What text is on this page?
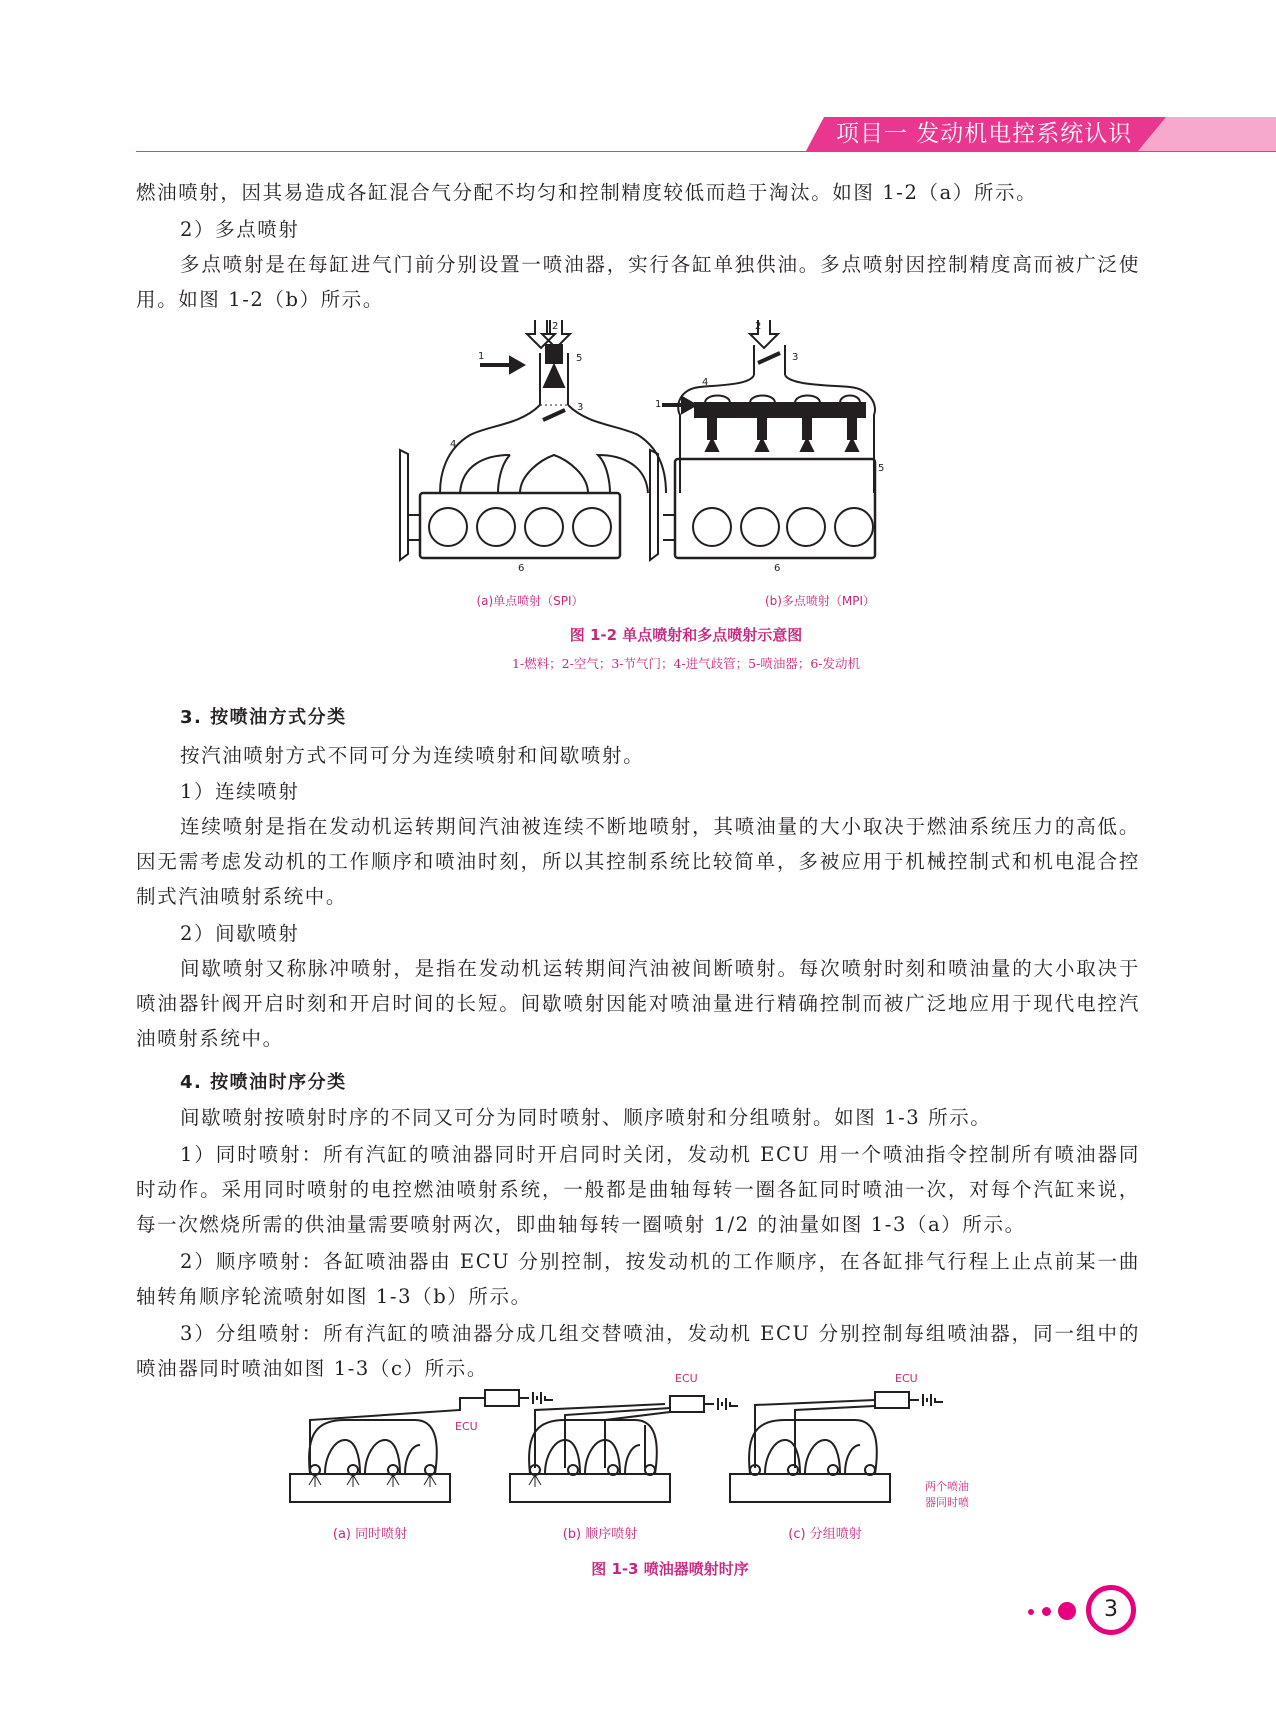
项目一 发动机电控系统认识
燃油喷射，因其易造成各缸混合气分配不均匀和控制精度较低而趋于淘汰。如图 1-2（a）所示。
2）多点喷射
多点喷射是在每缸进气门前分别设置一喷油器，实行各缸单独供油。多点喷射因控制精度高而被广泛使用。如图 1-2（b）所示。
1
2
3
4
5
6
1
2
3
4
5
6
(a)单点喷射（SPI）	(b)多点喷射（MPI）
图 1-2 单点喷射和多点喷射示意图
1-燃料；2-空气；3-节气门；4-进气歧管；5-喷油器；6-发动机
3. 按喷油方式分类
按汽油喷射方式不同可分为连续喷射和间歇喷射。
1）连续喷射
连续喷射是指在发动机运转期间汽油被连续不断地喷射，其喷油量的大小取决于燃油系统压力的高低。因无需考虑发动机的工作顺序和喷油时刻，所以其控制系统比较简单，多被应用于机械控制式和机电混合控制式汽油喷射系统中。
2）间歇喷射
间歇喷射又称脉冲喷射，是指在发动机运转期间汽油被间断喷射。每次喷射时刻和喷油量的大小取决于喷油器针阀开启时刻和开启时间的长短。间歇喷射因能对喷油量进行精确控制而被广泛地应用于现代电控汽油喷射系统中。
4. 按喷油时序分类
间歇喷射按喷射时序的不同又可分为同时喷射、顺序喷射和分组喷射。如图 1-3 所示。
1）同时喷射：所有汽缸的喷油器同时开启同时关闭，发动机 ECU 用一个喷油指令控制所有喷油器同时动作。采用同时喷射的电控燃油喷射系统，一般都是曲轴每转一圈各缸同时喷油一次，对每个汽缸来说，每一次燃烧所需的供油量需要喷射两次，即曲轴每转一圈喷射 1/2 的油量如图 1-3（a）所示。
2）顺序喷射：各缸喷油器由 ECU 分别控制，按发动机的工作顺序，在各缸排气行程上止点前某一曲轴转角顺序轮流喷射如图 1-3（b）所示。
3）分组喷射：所有汽缸的喷油器分成几组交替喷油，发动机 ECU 分别控制每组喷油器，同一组中的喷油器同时喷油如图 1-3（c）所示。
ECU
ECU	ECU
两个喷油
器同时喷
(a) 同时喷射	(b) 顺序喷射	(c) 分组喷射
图 1-3 喷油器喷射时序
3
